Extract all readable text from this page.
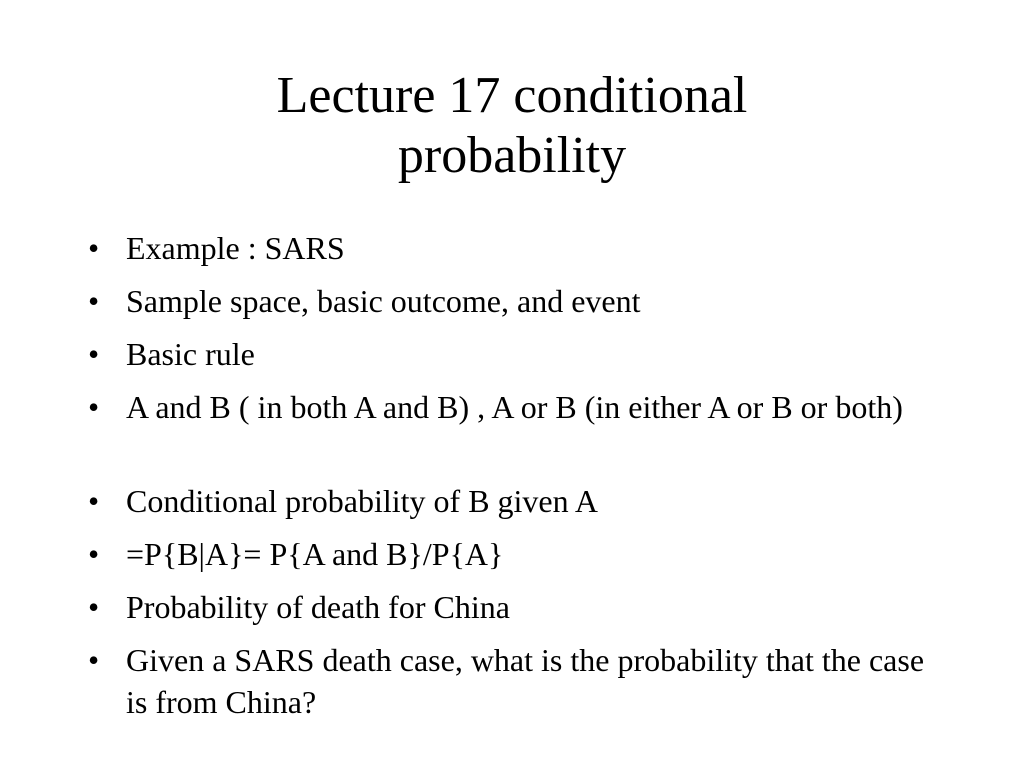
Lecture 17 conditional
probability
• Example : SARS
• Sample space, basic outcome, and event
• Basic rule
• A and B ( in both A and B) , A or B (in either A or B or both)
• Conditional probability of B given A
• =P{B|A}= P{A and B}/P{A}
• Probability of death for China
• Given a SARS death case, what is the probability that the case is from China?
